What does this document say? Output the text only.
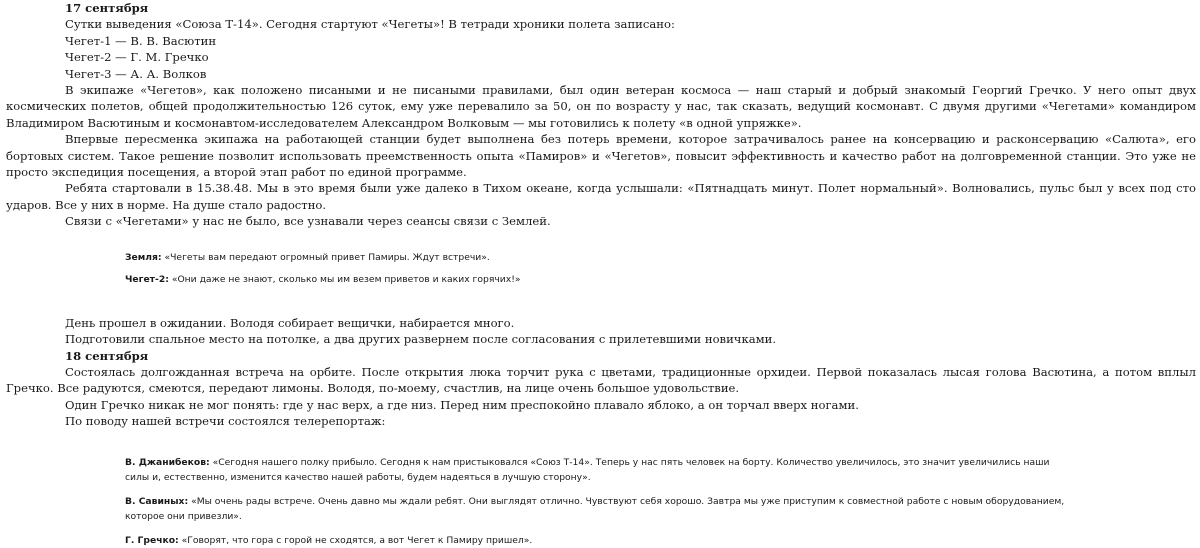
17 сентября

Сутки выведения «Союза Т-14». Сегодня стартуют «Чегеты»! В тетради хроники полета записано:

Чегет-1 — В. В. Васютин
Чегет-2 — Г. М. Гречко
Чегет-3 — А. А. Волков

В экипаже «Чегетов», как положено писаными и не писаными правилами, был один ветеран космоса — наш старый и добрый знакомый Георгий Гречко. У него опыт двух космических полетов, общей продолжительностью 126 суток, ему уже перевалило за 50, он по возрасту у нас, так сказать, ведущий космонавт. С двумя другими «Чегетами» командиром Владимиром Васютиным и космонавтом-исследователем Александром Волковым — мы готовились к полету «в одной упряжке».

Впервые пересменка экипажа на работающей станции будет выполнена без потерь времени, которое затрачивалось ранее на консервацию и расконсервацию «Салюта», его бортовых систем. Такое решение позволит использовать преемственность опыта «Памиров» и «Чегетов», повысит эффективность и качество работ на долговременной станции. Это уже не просто экспедиция посещения, а второй этап работ по единой программе.

Ребята стартовали в 15.38.48. Мы в это время были уже далеко в Тихом океане, когда услышали: «Пятнадцать минут. Полет нормальный». Волновались, пульс был у всех под сто ударов. Все у них в норме. На душе стало радостно.

Связи с «Чегетами» у нас не было, все узнавали через сеансы связи с Землей.

Земля: «Чегеты вам передают огромный привет Памиры. Ждут встречи».
Чегет-2: «Они даже не знают, сколько мы им везем приветов и каких горячих!»

День прошел в ожидании. Володя собирает вещички, набирается много.

Подготовили спальное место на потолке, а два других развернем после согласования с прилетевшими новичками.

18 сентября

Состоялась долгожданная встреча на орбите. После открытия люка торчит рука с цветами, традиционные орхидеи. Первой показалась лысая голова Васютина, а потом вплыл Гречко. Все радуются, смеются, передают лимоны. Володя, по-моему, счастлив, на лице очень большое удовольствие.

Один Гречко никак не мог понять: где у нас верх, а где низ. Перед ним преспокойно плавало яблоко, а он торчал вверх ногами.

По поводу нашей встречи состоялся телерепортаж:

В. Джанибеков: «Сегодня нашего полку прибыло. Сегодня к нам пристыковался «Союз Т-14». Теперь у нас пять человек на борту. Количество увеличилось, это значит увеличились наши силы и, естественно, изменится качество нашей работы, будем надеяться в лучшую сторону».
В. Савиных: «Мы очень рады встрече. Очень давно мы ждали ребят. Они выглядят отлично. Чувствуют себя хорошо. Завтра мы уже приступим к совместной работе с новым оборудованием, которое они привезли».
Г. Гречко: «Говорят, что гора с горой не сходятся, а вот Чегет к Памиру пришел».
